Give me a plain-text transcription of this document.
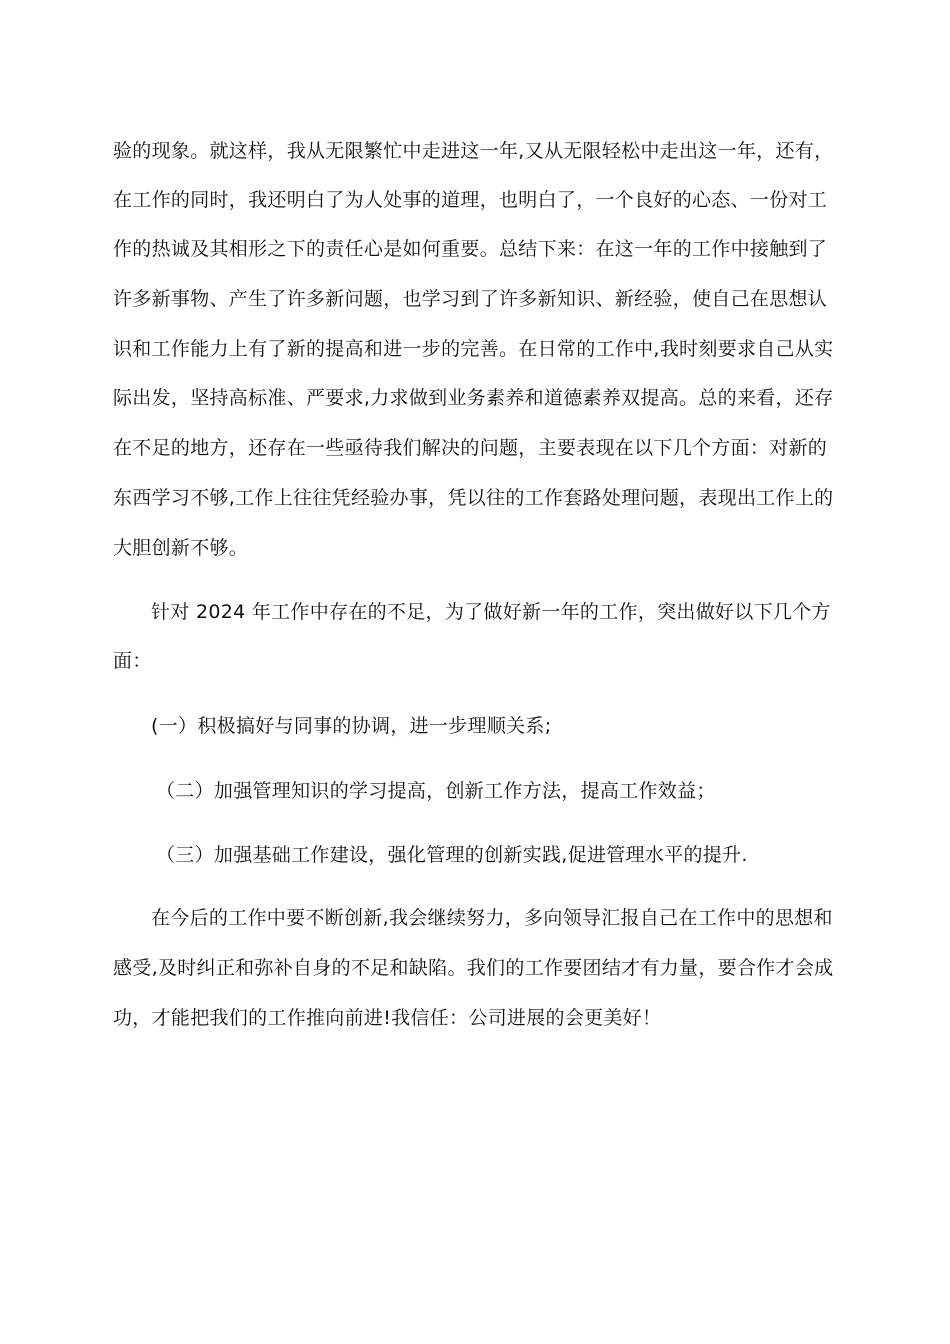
验的现象。就这样，我从无限繁忙中走进这一年,又从无限轻松中走出这一年，还有，
在工作的同时，我还明白了为人处事的道理，也明白了，一个良好的心态、一份对工
作的热诚及其相形之下的责任心是如何重要。总结下来：在这一年的工作中接触到了
许多新事物、产生了许多新问题，也学习到了许多新知识、新经验，使自己在思想认
识和工作能力上有了新的提高和进一步的完善。在日常的工作中,我时刻要求自己从实
际出发，坚持高标准、严要求,力求做到业务素养和道德素养双提高。总的来看，还存
在不足的地方，还存在一些亟待我们解决的问题，主要表现在以下几个方面：对新的
东西学习不够,工作上往往凭经验办事，凭以往的工作套路处理问题，表现出工作上的
大胆创新不够。
针对 2024 年工作中存在的不足，为了做好新一年的工作，突出做好以下几个方
面：
(一）积极搞好与同事的协调，进一步理顺关系;
（二）加强管理知识的学习提高，创新工作方法，提高工作效益；
（三）加强基础工作建设，强化管理的创新实践,促进管理水平的提升.
在今后的工作中要不断创新,我会继续努力，多向领导汇报自己在工作中的思想和
感受,及时纠正和弥补自身的不足和缺陷。我们的工作要团结才有力量，要合作才会成
功，才能把我们的工作推向前进!我信任：公司进展的会更美好！
